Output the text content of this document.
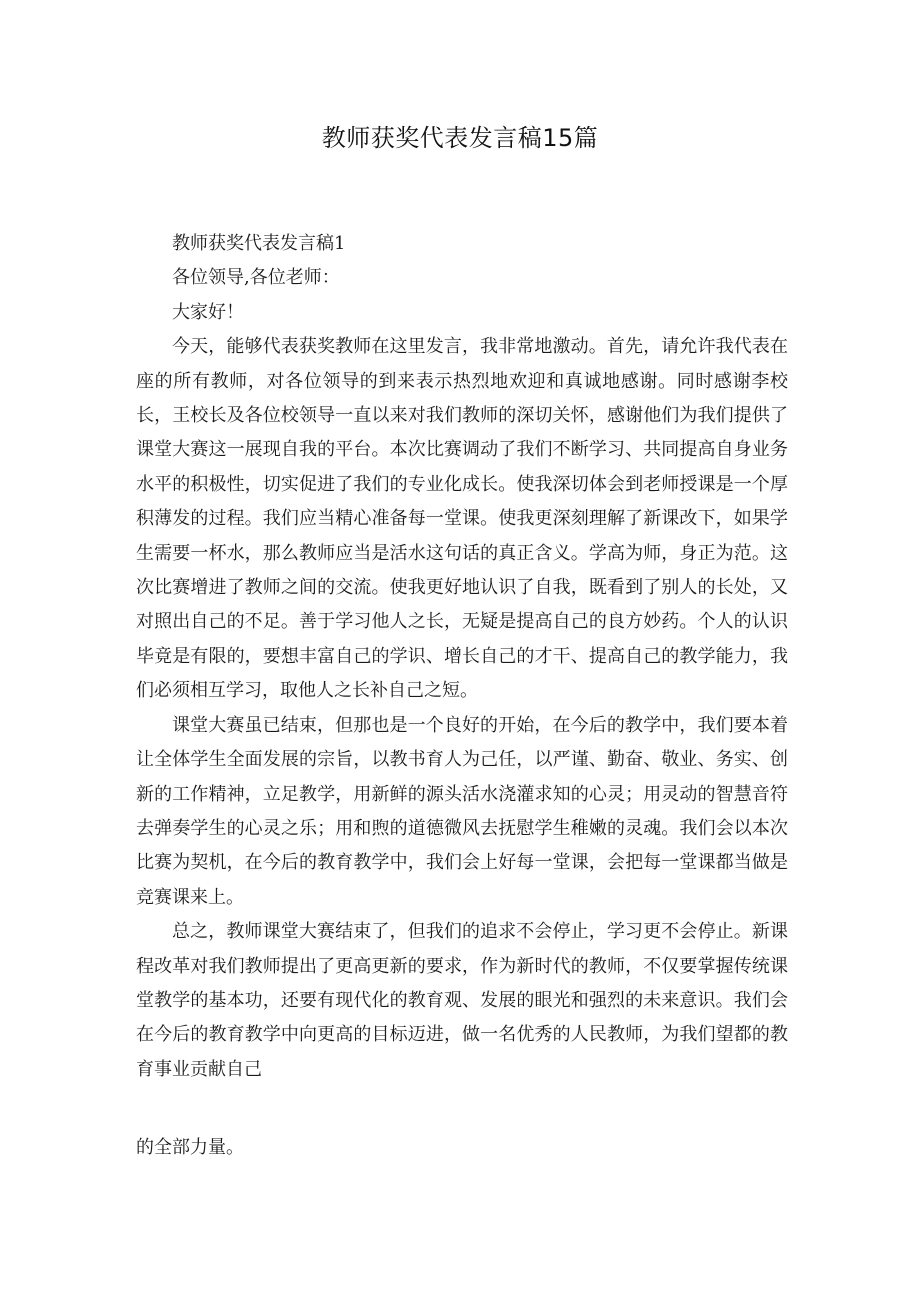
教师获奖代表发言稿15篇

教师获奖代表发言稿1

各位领导,各位老师：

大家好！

今天，能够代表获奖教师在这里发言，我非常地激动。首先，请允许我代表在座的所有教师，对各位领导的到来表示热烈地欢迎和真诚地感谢。同时感谢李校长，王校长及各位校领导一直以来对我们教师的深切关怀，感谢他们为我们提供了课堂大赛这一展现自我的平台。本次比赛调动了我们不断学习、共同提高自身业务水平的积极性，切实促进了我们的专业化成长。使我深切体会到老师授课是一个厚积薄发的过程。我们应当精心准备每一堂课。使我更深刻理解了新课改下，如果学生需要一杯水，那么教师应当是活水这句话的真正含义。学高为师，身正为范。这次比赛增进了教师之间的交流。使我更好地认识了自我，既看到了别人的长处，又对照出自己的不足。善于学习他人之长，无疑是提高自己的良方妙药。个人的认识毕竟是有限的，要想丰富自己的学识、增长自己的才干、提高自己的教学能力，我们必须相互学习，取他人之长补自己之短。

课堂大赛虽已结束，但那也是一个良好的开始，在今后的教学中，我们要本着让全体学生全面发展的宗旨，以教书育人为己任，以严谨、勤奋、敬业、务实、创新的工作精神，立足教学，用新鲜的源头活水浇灌求知的心灵；用灵动的智慧音符去弹奏学生的心灵之乐；用和煦的道德微风去抚慰学生稚嫩的灵魂。我们会以本次比赛为契机，在今后的教育教学中，我们会上好每一堂课，会把每一堂课都当做是竞赛课来上。

总之，教师课堂大赛结束了，但我们的追求不会停止，学习更不会停止。新课程改革对我们教师提出了更高更新的要求，作为新时代的教师，不仅要掌握传统课堂教学的基本功，还要有现代化的教育观、发展的眼光和强烈的未来意识。我们会在今后的教育教学中向更高的目标迈进，做一名优秀的人民教师，为我们望都的教育事业贡献自己

的全部力量。
